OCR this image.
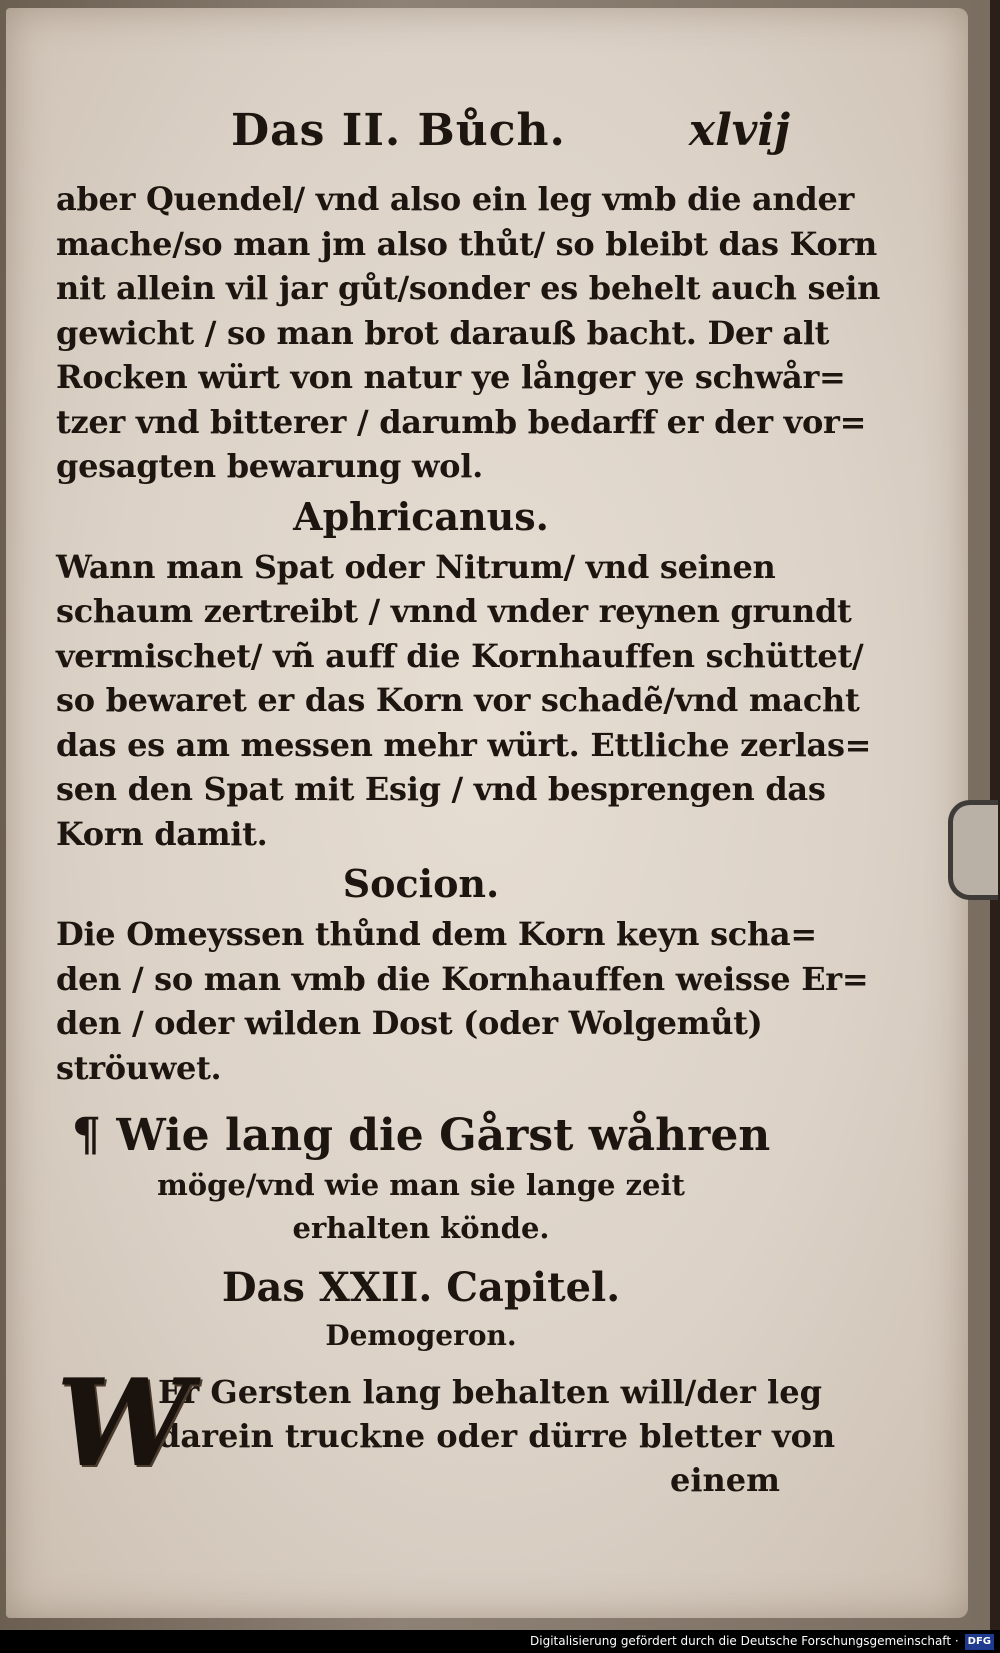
Das II. Bůch.	xlvij
aber Quendel/ vnd also ein leg vmb die ander
mache/so man jm also thůt/ so bleibt das Korn
nit allein vil jar gůt/sonder es behelt auch sein
gewicht / so man brot darauß bacht. Der alt
Rocken würt von natur ye långer ye schwår=
tzer vnd bitterer / darumb bedarff er der vor=
gesagten bewarung wol.
Aphricanus.
Wann man Spat oder Nitrum/ vnd seinen
schaum zertreibt / vnnd vnder reynen grundt
vermischet/ vñ auff die Kornhauffen schüttet/
so bewaret er das Korn vor schadẽ/vnd macht
das es am messen mehr würt. Ettliche zerlas=
sen den Spat mit Esig / vnd besprengen das
Korn damit.
Socion.
Die Omeyssen thůnd dem Korn keyn scha=
den / so man vmb die Kornhauffen weisse Er=
den / oder wilden Dost (oder Wolgemůt)
ströuwet.
¶ Wie lang die Gårst wåhren
möge/vnd wie man sie lange zeit
erhalten könde.
Das XXII. Capitel.
Demogeron.
W
Er Gersten lang behalten will/der leg
darein truckne oder dürre bletter von
einem
Digitalisierung gefördert durch die Deutsche Forschungsgemeinschaft · DFG
